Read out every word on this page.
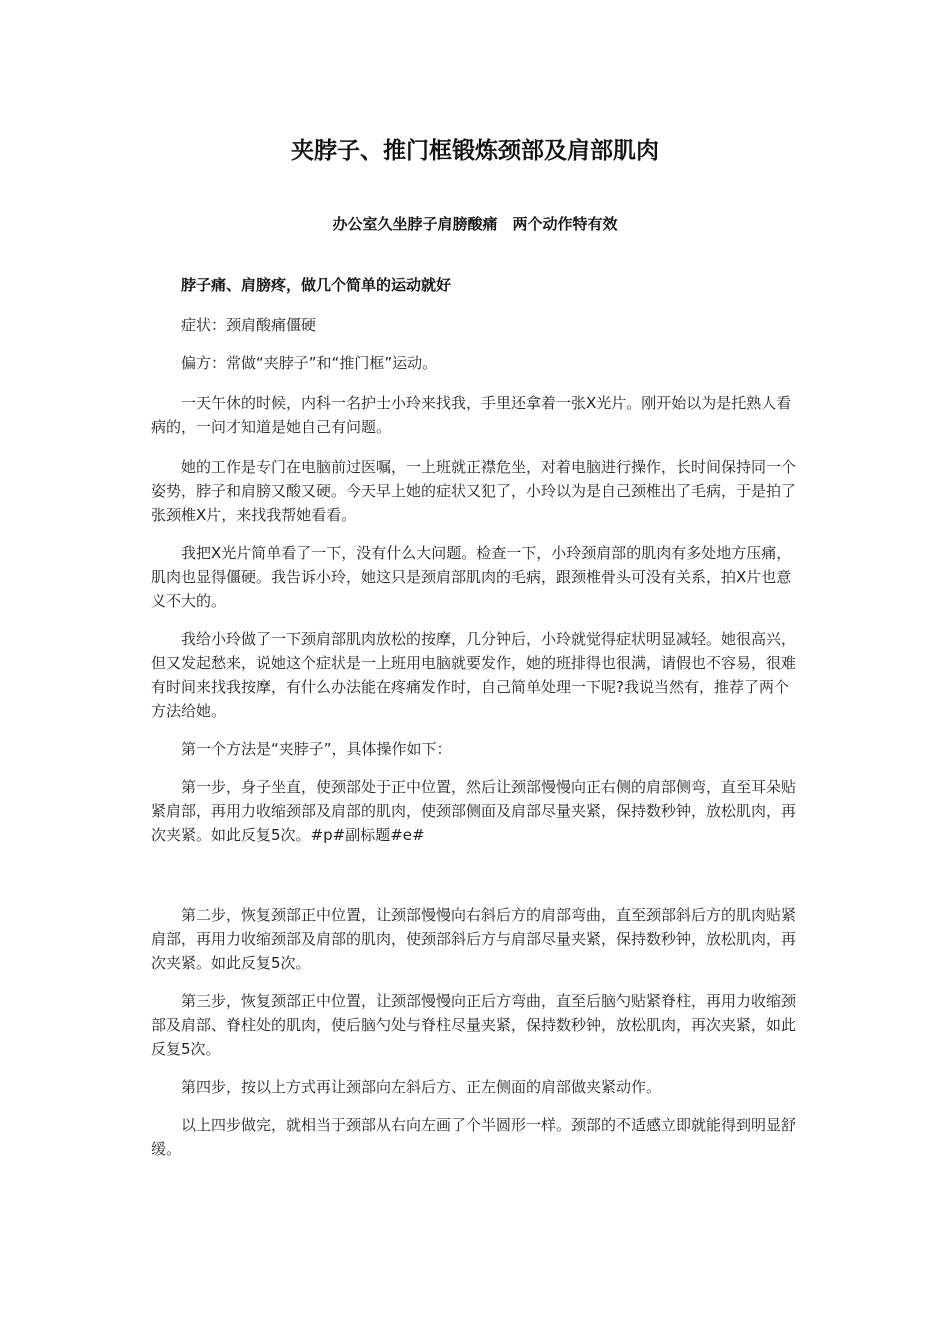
夹脖子、推门框锻炼颈部及肩部肌肉
办公室久坐脖子肩膀酸痛　两个动作特有效

脖子痛、肩膀疼，做几个简单的运动就好

症状：颈肩酸痛僵硬

偏方：常做“夹脖子”和“推门框”运动。

一天午休的时候，内科一名护士小玲来找我，手里还拿着一张X光片。刚开始以为是托熟人看病的，一问才知道是她自己有问题。

她的工作是专门在电脑前过医嘱，一上班就正襟危坐，对着电脑进行操作，长时间保持同一个姿势，脖子和肩膀又酸又硬。今天早上她的症状又犯了，小玲以为是自己颈椎出了毛病，于是拍了张颈椎X片，来找我帮她看看。

我把X光片简单看了一下，没有什么大问题。检查一下，小玲颈肩部的肌肉有多处地方压痛，肌肉也显得僵硬。我告诉小玲，她这只是颈肩部肌肉的毛病，跟颈椎骨头可没有关系，拍X片也意义不大的。

我给小玲做了一下颈肩部肌肉放松的按摩，几分钟后，小玲就觉得症状明显减轻。她很高兴，但又发起愁来，说她这个症状是一上班用电脑就要发作，她的班排得也很满，请假也不容易，很难有时间来找我按摩，有什么办法能在疼痛发作时，自己简单处理一下呢?我说当然有，推荐了两个方法给她。

第一个方法是“夹脖子”，具体操作如下：

第一步，身子坐直，使颈部处于正中位置，然后让颈部慢慢向正右侧的肩部侧弯，直至耳朵贴紧肩部，再用力收缩颈部及肩部的肌肉，使颈部侧面及肩部尽量夹紧，保持数秒钟，放松肌肉，再次夹紧。如此反复5次。#p#副标题#e#

第二步，恢复颈部正中位置，让颈部慢慢向右斜后方的肩部弯曲，直至颈部斜后方的肌肉贴紧肩部，再用力收缩颈部及肩部的肌肉，使颈部斜后方与肩部尽量夹紧，保持数秒钟，放松肌肉，再次夹紧。如此反复5次。

第三步，恢复颈部正中位置，让颈部慢慢向正后方弯曲，直至后脑勺贴紧脊柱，再用力收缩颈部及肩部、脊柱处的肌肉，使后脑勺处与脊柱尽量夹紧，保持数秒钟，放松肌肉，再次夹紧，如此反复5次。

第四步，按以上方式再让颈部向左斜后方、正左侧面的肩部做夹紧动作。

以上四步做完，就相当于颈部从右向左画了个半圆形一样。颈部的不适感立即就能得到明显舒缓。
